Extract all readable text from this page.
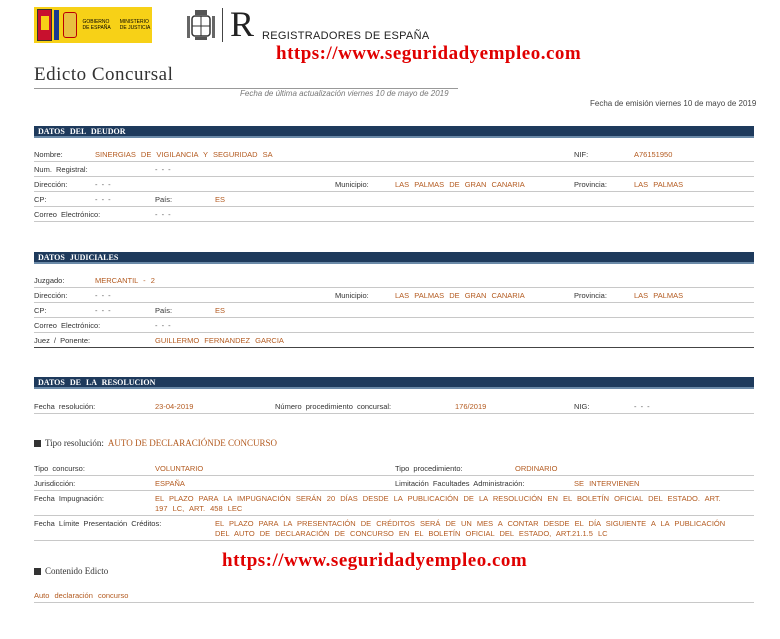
GOBIERNO DE ESPAÑA
MINISTERIO DE JUSTICIA R REGISTRADORES DE ESPAÑA
https://www.seguridadyempleo.com
Edicto Concursal
Fecha de última actualización viernes 10 de mayo de 2019
Fecha de emisión viernes 10 de mayo de 2019
DATOS DEL DEUDOR
Nombre:	SINERGIAS DE VIGILANCIA Y SEGURIDAD SA	NIF:	A76151950
Num. Registral:	- - -
Dirección:	- - -	Municipio:	LAS PALMAS DE GRAN CANARIA	Provincia:	LAS PALMAS
CP:	- - -	País:	ES
Correo Electrónico:	- - -
DATOS JUDICIALES
Juzgado:	MERCANTIL - 2
Dirección:	- - -	Municipio:	LAS PALMAS DE GRAN CANARIA	Provincia:	LAS PALMAS
CP:	- - -	País:	ES
Correo Electrónico:	- - -
Juez / Ponente:	GUILLERMO FERNANDEZ GARCIA
DATOS DE LA RESOLUCION
Fecha resolución:	23-04-2019	Número procedimiento concursal:	176/2019	NIG:	- - -
Tipo resolución: AUTO DE DECLARACIÓNDE CONCURSO
Tipo concurso:	VOLUNTARIO	Tipo procedimiento:	ORDINARIO
Jurisdicción:	ESPAÑA	Limitación Facultades Administración:	SE INTERVIENEN
Fecha Impugnación:	EL PLAZO PARA LA IMPUGNACIÓN SERÁN 20 DÍAS DESDE LA PUBLICACIÓN DE LA RESOLUCIÓN EN EL BOLETÍN OFICIAL DEL ESTADO. ART.
197 LC, ART. 458 LEC
Fecha Límite Presentación Créditos:	EL PLAZO PARA LA PRESENTACIÓN DE CRÉDITOS SERÁ DE UN MES A CONTAR DESDE EL DÍA SIGUIENTE A LA PUBLICACIÓN
DEL AUTO DE DECLARACIÓN DE CONCURSO EN EL BOLETÍN OFICIAL DEL ESTADO, ART.21.1.5 LC
https://www.seguridadyempleo.com
Contenido Edicto
Auto declaración concurso
